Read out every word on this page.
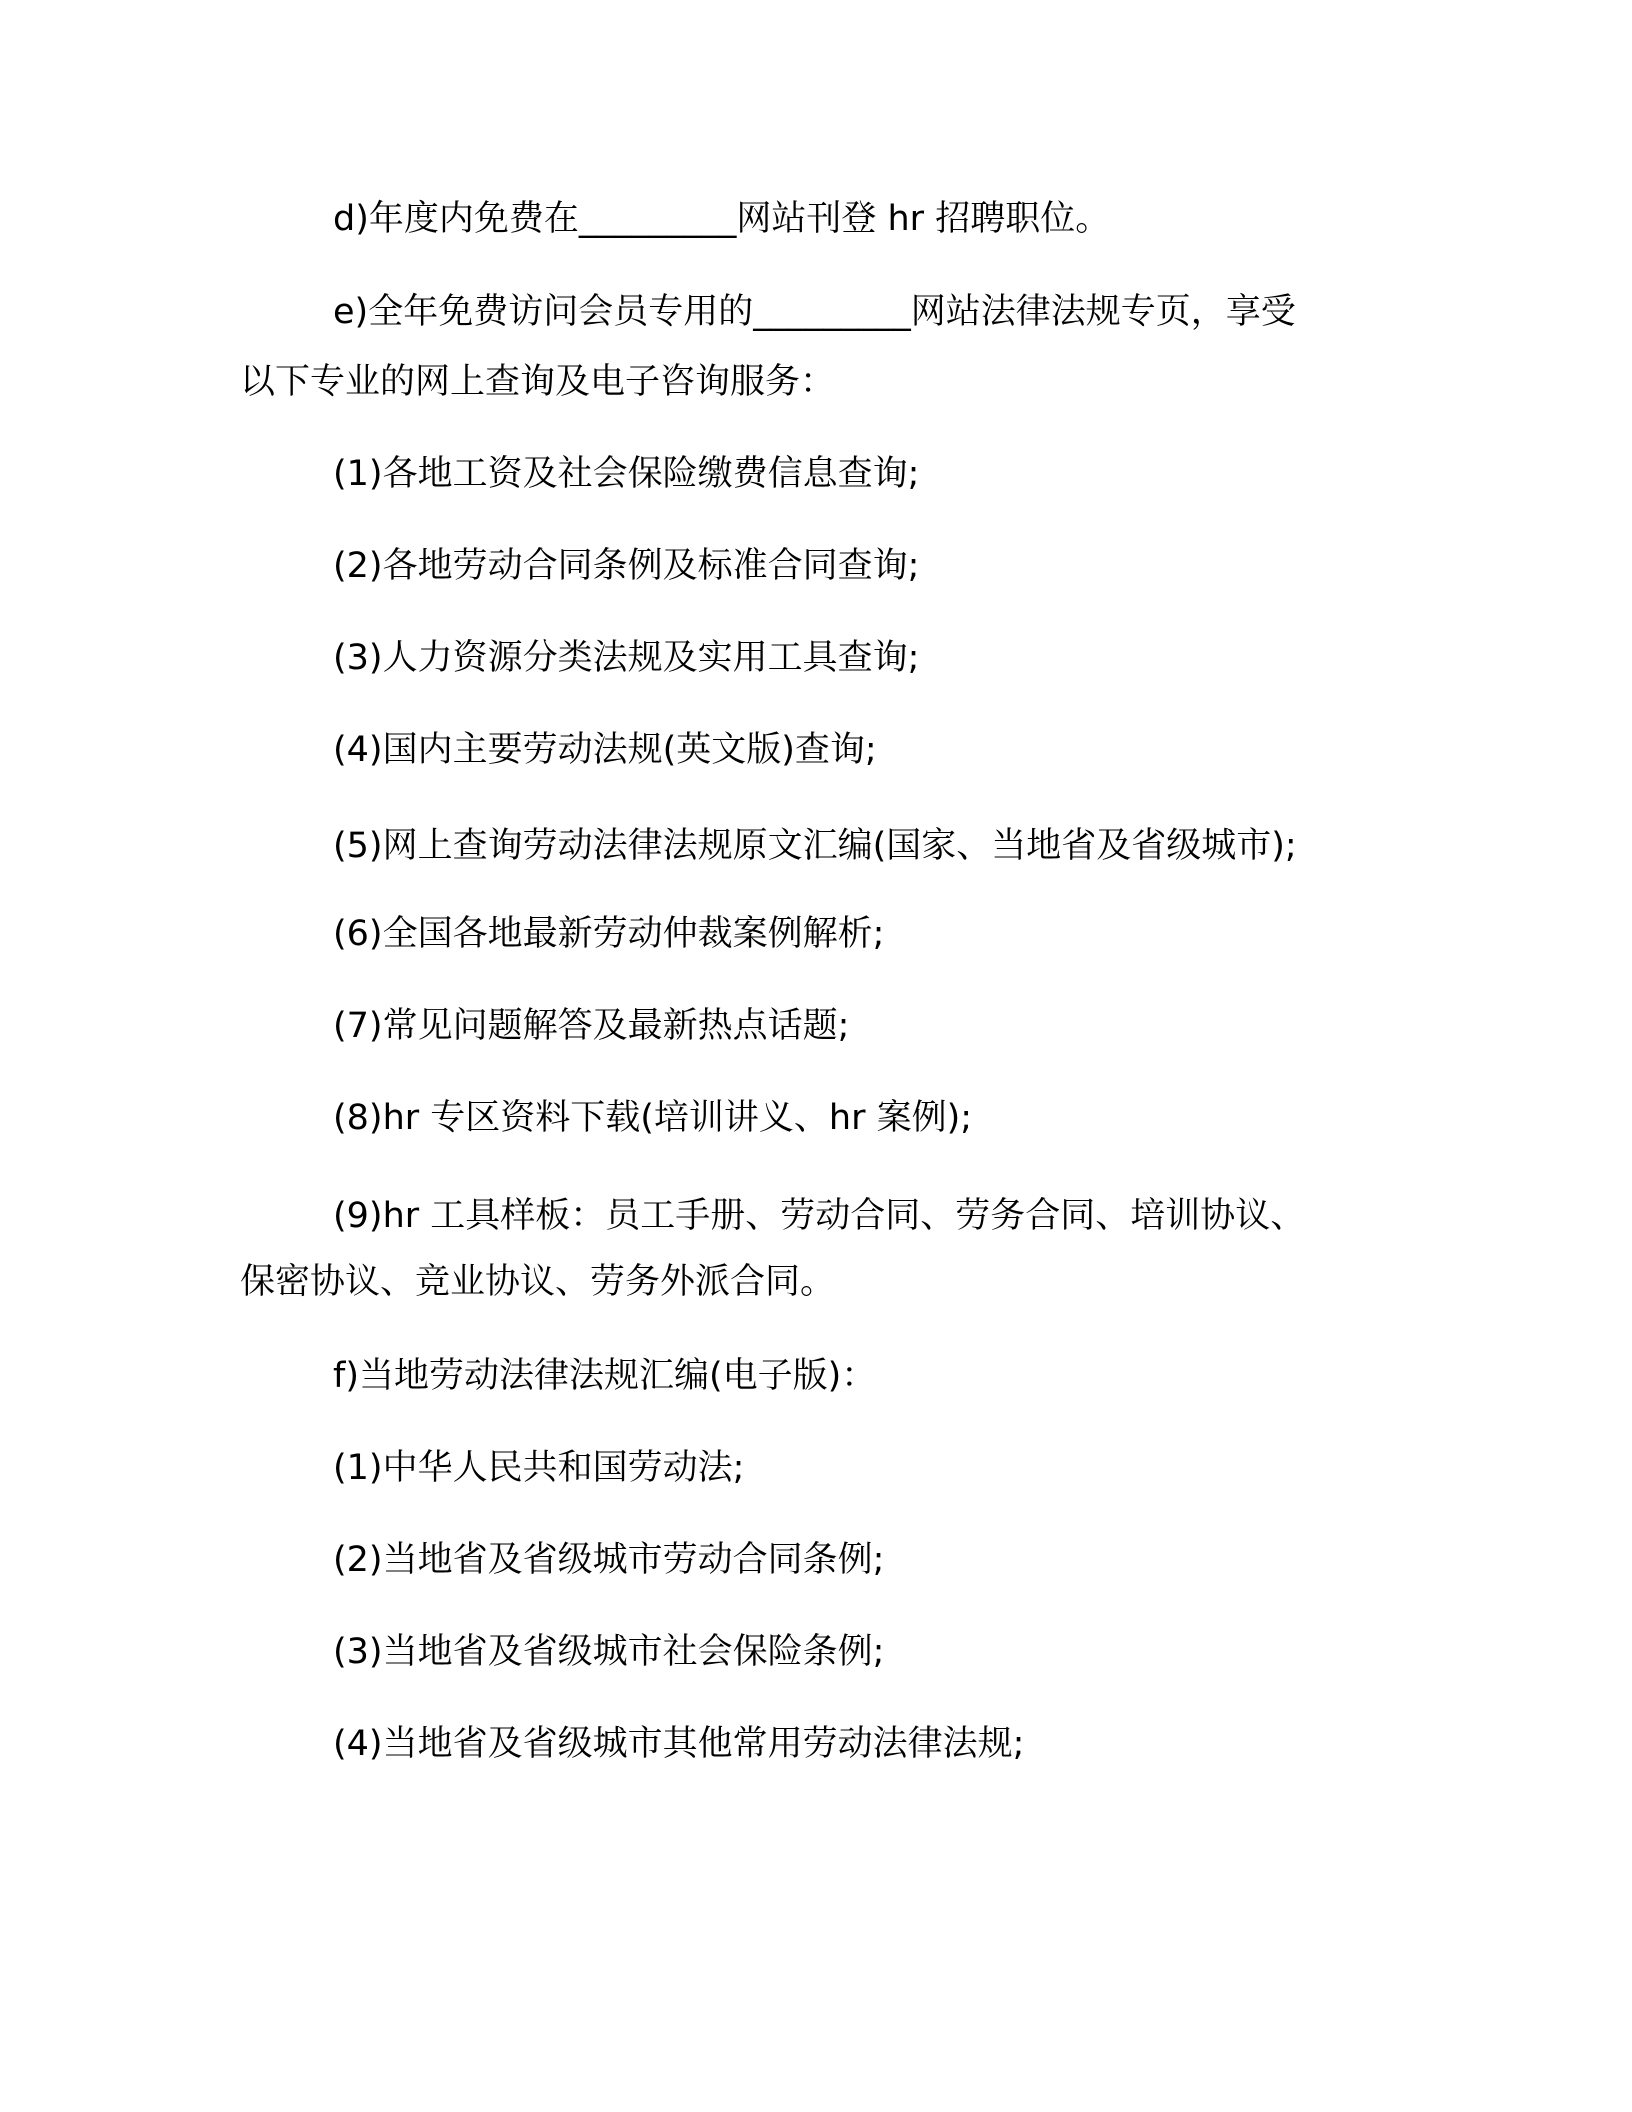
d)年度内免费在_________网站刊登 hr 招聘职位。
e)全年免费访问会员专用的_________网站法律法规专页，享受
以下专业的网上查询及电子咨询服务：
(1)各地工资及社会保险缴费信息查询;
(2)各地劳动合同条例及标准合同查询;
(3)人力资源分类法规及实用工具查询;
(4)国内主要劳动法规(英文版)查询;
(5)网上查询劳动法律法规原文汇编(国家、当地省及省级城市);
(6)全国各地最新劳动仲裁案例解析;
(7)常见问题解答及最新热点话题;
(8)hr 专区资料下载(培训讲义、hr 案例);
(9)hr 工具样板：员工手册、劳动合同、劳务合同、培训协议、
保密协议、竞业协议、劳务外派合同。
f)当地劳动法律法规汇编(电子版)：
(1)中华人民共和国劳动法;
(2)当地省及省级城市劳动合同条例;
(3)当地省及省级城市社会保险条例;
(4)当地省及省级城市其他常用劳动法律法规;
